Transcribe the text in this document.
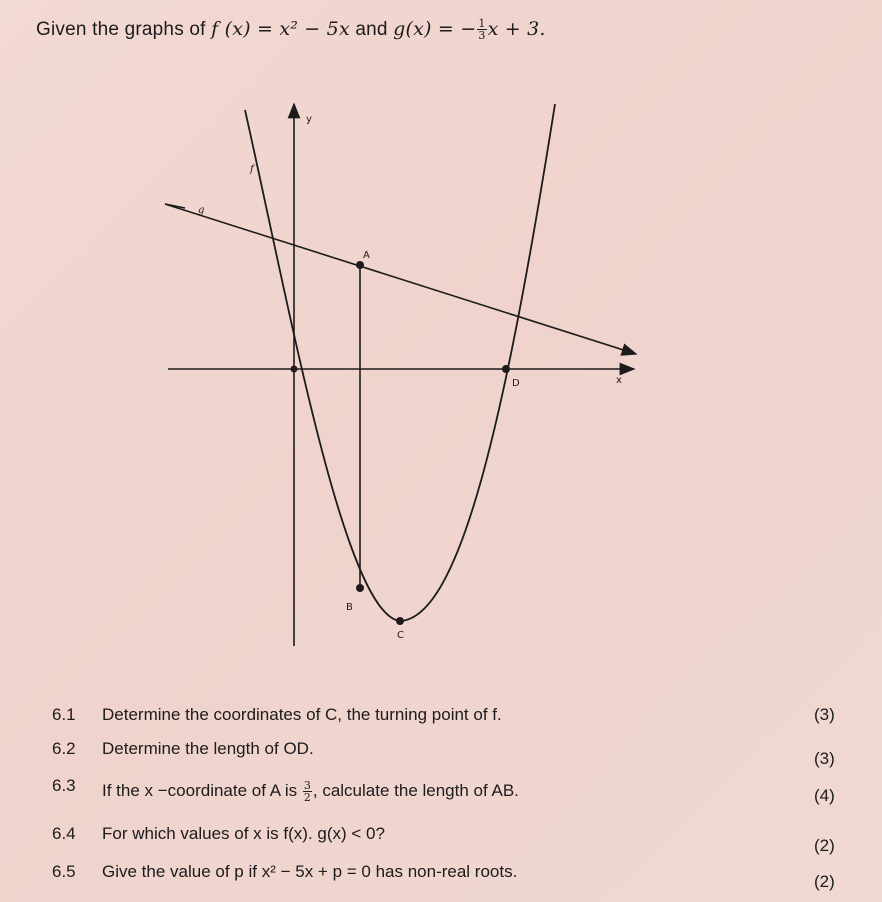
Given the graphs of f (x) = x² − 5x and g(x) = − $\frac{1}{3}$ x + 3.
y
x
f
g
A
B
C
D
6.1 Determine the coordinates of C, the turning point of f.	(3)
6.2 Determine the length of OD.
(3)
6.3 If the x −coordinate of A is $\frac{3}{2}$ , calculate the length of AB.	(4)
6.4 For which values of x is f(x). g(x) < 0?
(2)
6.5 Give the value of p if x² − 5x + p = 0 has non-real roots.
(2)
